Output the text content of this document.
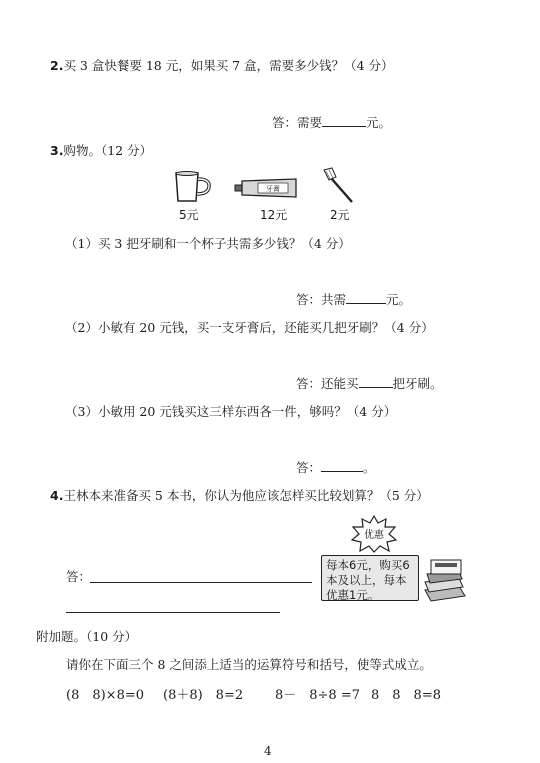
2.买 3 盒快餐要 18 元，如果买 7 盒，需要多少钱？（4 分）
答：需要	元。
3.购物。（12 分）
5元
牙膏
12元	2元
（1）买 3 把牙刷和一个杯子共需多少钱？（4 分）
答：共需	元。
（2）小敏有 20 元钱，买一支牙膏后，还能买几把牙刷？（4 分）
答：还能买	把牙刷。
（3）小敏用 20 元钱买这三样东西各一件，够吗？（4 分）
答：	。
4.王林本来准备买 5 本书，你认为他应该怎样买比较划算？（5 分）
优惠
每本6元，购买6本及以上，每本优惠1元。
答：
附加题。（10 分）
请你在下面三个 8 之间添上适当的运算符号和括号，使等式成立。
(8　8)×8=0 (8＋8)　8=2 8－　8÷8 =7 8　8　8=8
4
